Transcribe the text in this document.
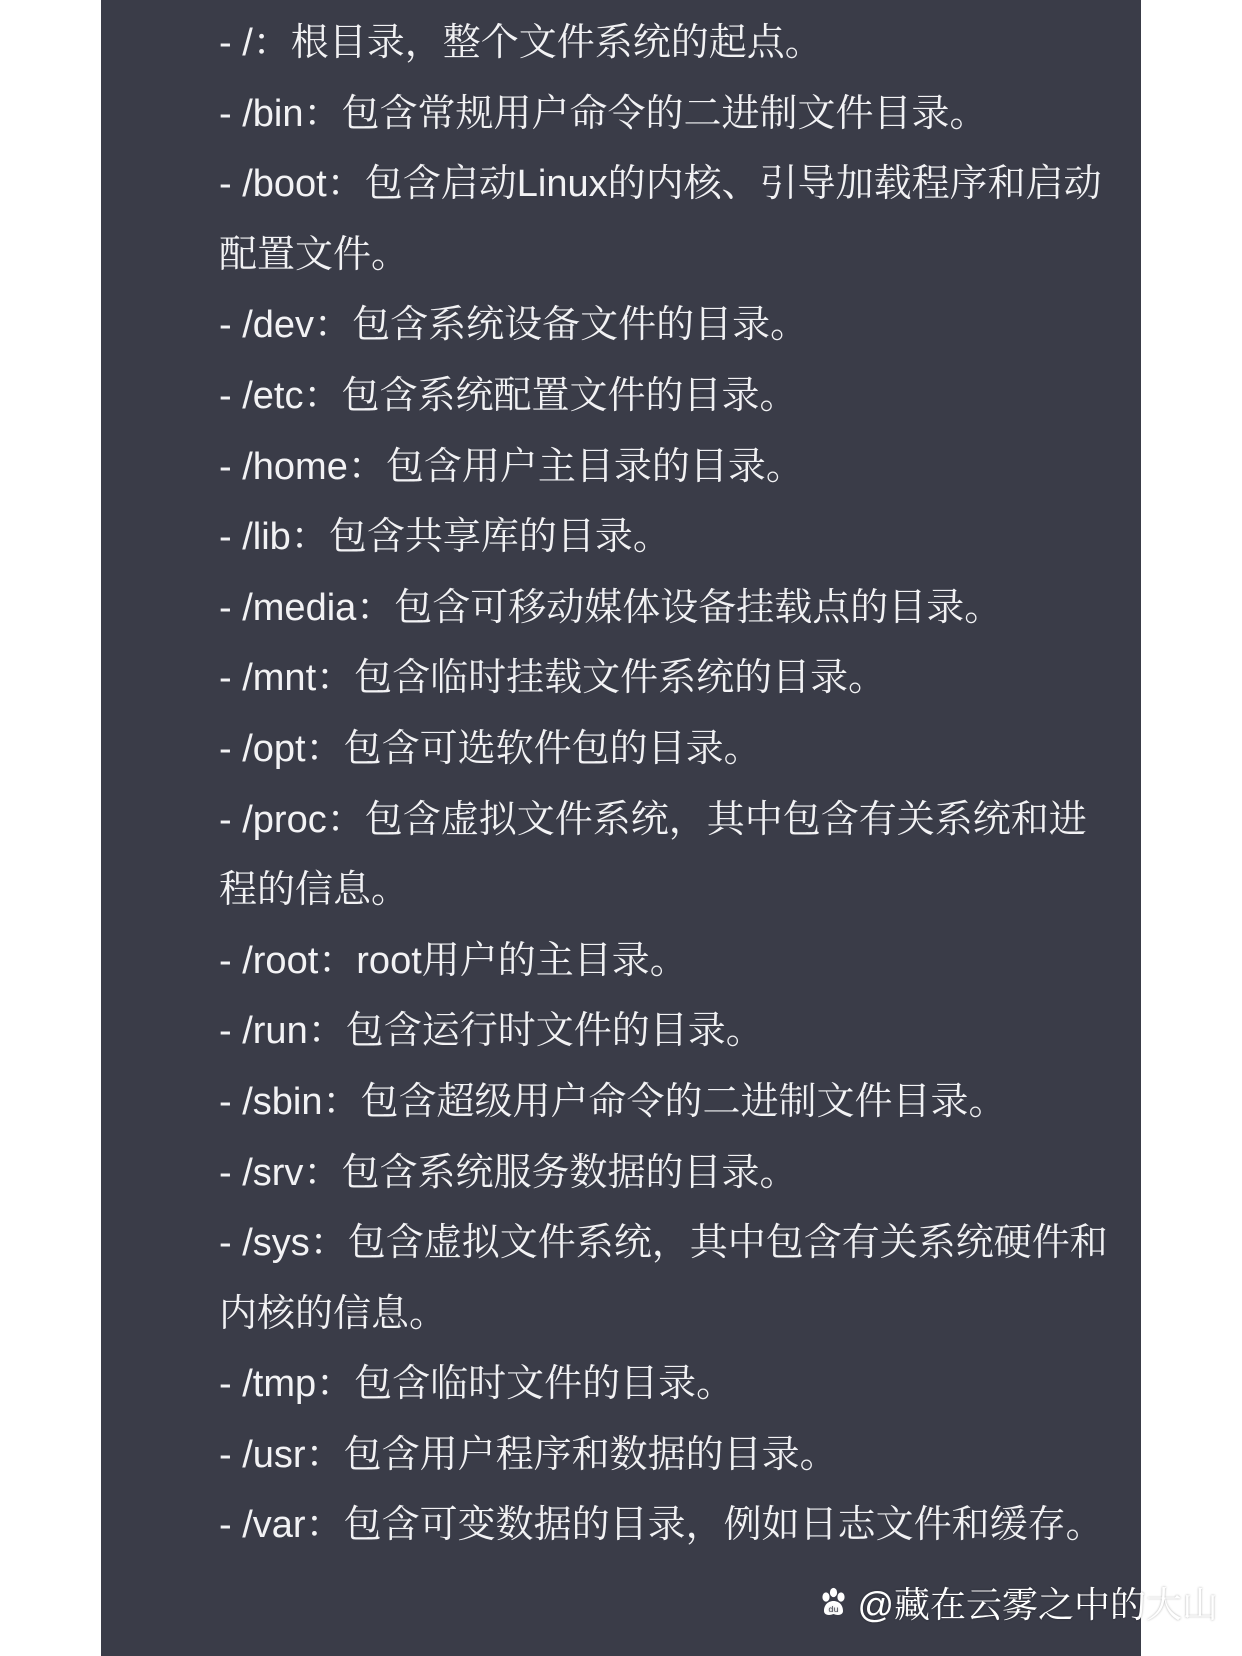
- /：根目录，整个文件系统的起点。
- /bin：包含常规用户命令的二进制文件目录。
- /boot：包含启动Linux的内核、引导加载程序和启动配置文件。
- /dev：包含系统设备文件的目录。
- /etc：包含系统配置文件的目录。
- /home：包含用户主目录的目录。
- /lib：包含共享库的目录。
- /media：包含可移动媒体设备挂载点的目录。
- /mnt：包含临时挂载文件系统的目录。
- /opt：包含可选软件包的目录。
- /proc：包含虚拟文件系统，其中包含有关系统和进程的信息。
- /root：root用户的主目录。
- /run：包含运行时文件的目录。
- /sbin：包含超级用户命令的二进制文件目录。
- /srv：包含系统服务数据的目录。
- /sys：包含虚拟文件系统，其中包含有关系统硬件和内核的信息。
- /tmp：包含临时文件的目录。
- /usr：包含用户程序和数据的目录。
- /var：包含可变数据的目录，例如日志文件和缓存。
du @藏在云雾之中的大山
